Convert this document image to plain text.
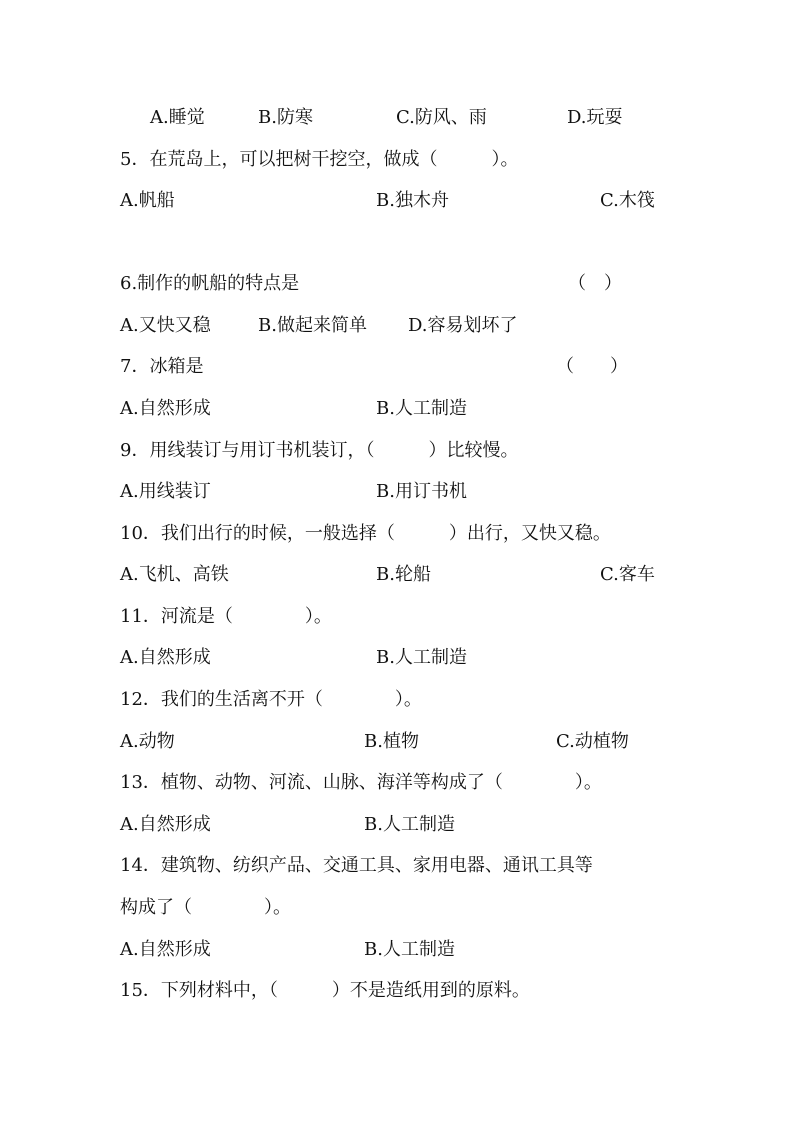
A.睡觉	B.防寒	C.防风、雨	D.玩耍
5．在荒岛上，可以把树干挖空，做成（　　　）。
A.帆船	B.独木舟	C.木筏
6.制作的帆船的特点是	（　）
A.又快又稳	B.做起来简单 D.容易划坏了
7．冰箱是	（　　）
A.自然形成	B.人工制造
9．用线装订与用订书机装订，（　　　）比较慢。
A.用线装订	B.用订书机
10．我们出行的时候，一般选择（　　　）出行，又快又稳。
A.飞机、高铁	B.轮船	C.客车
11．河流是（　　　　）。
A.自然形成	B.人工制造
12．我们的生活离不开（　　　　）。
A.动物	B.植物	C.动植物
13．植物、动物、河流、山脉、海洋等构成了（　　　　）。
A.自然形成	B.人工制造
14．建筑物、纺织产品、交通工具、家用电器、通讯工具等
构成了（　　　　）。
A.自然形成	B.人工制造
15．下列材料中，（　　　）不是造纸用到的原料。
